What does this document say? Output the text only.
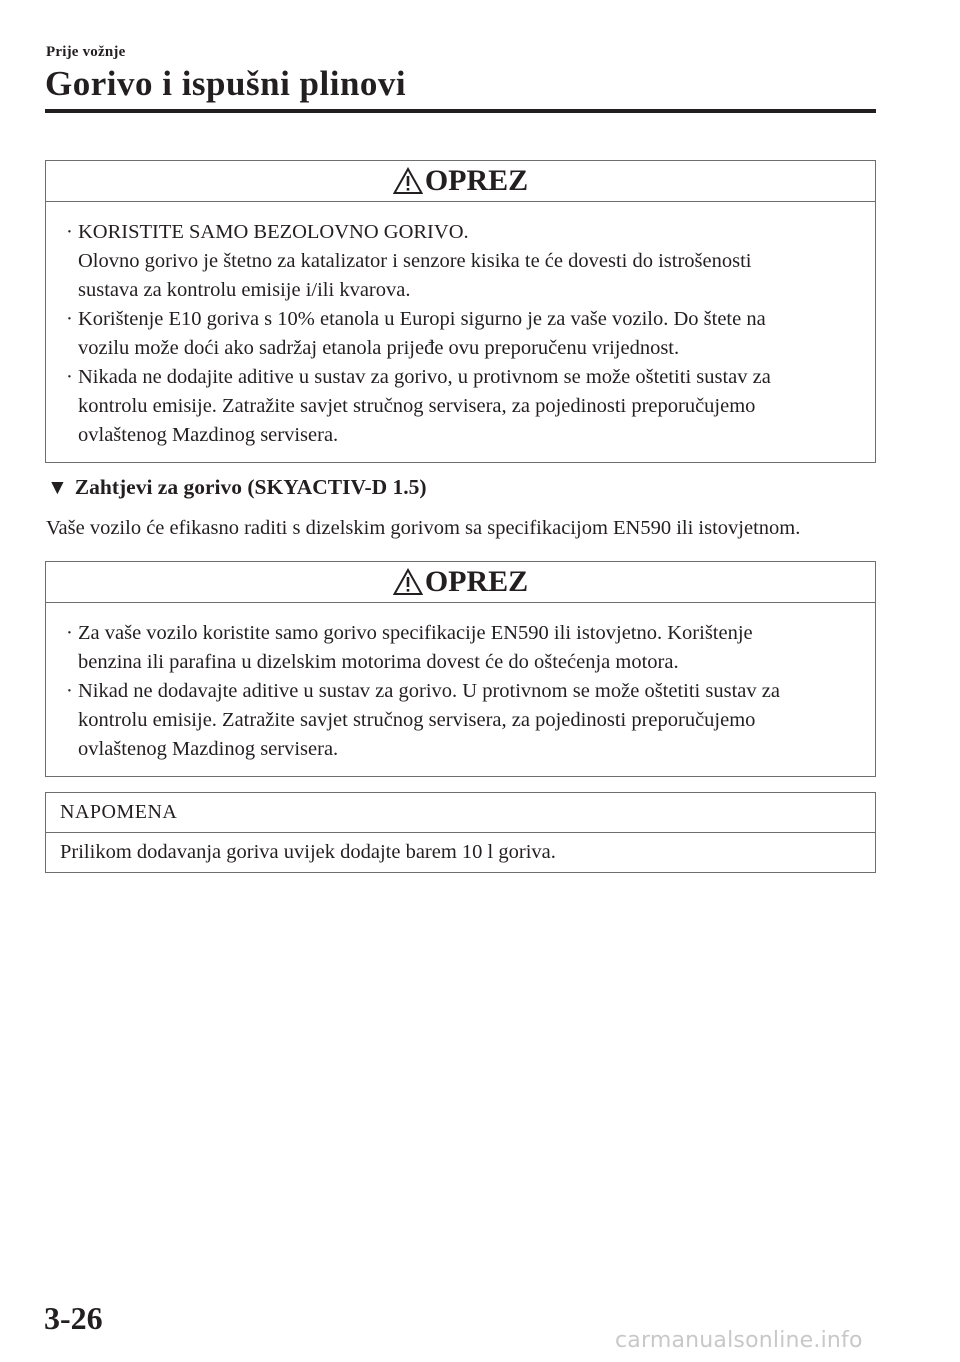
Prije vožnje
Gorivo i ispušni plinovi
OPREZ
· KORISTITE SAMO BEZOLOVNO GORIVO.
Olovno gorivo je štetno za katalizator i senzore kisika te će dovesti do istrošenosti
sustava za kontrolu emisije i/ili kvarova.
· Korištenje E10 goriva s 10% etanola u Europi sigurno je za vaše vozilo. Do štete na
vozilu može doći ako sadržaj etanola prijeđe ovu preporučenu vrijednost.
· Nikada ne dodajite aditive u sustav za gorivo, u protivnom se može oštetiti sustav za
kontrolu emisije. Zatražite savjet stručnog servisera, za pojedinosti preporučujemo
ovlaštenog Mazdinog servisera.
▼ Zahtjevi za gorivo (SKYACTIV-D 1.5)
Vaše vozilo će efikasno raditi s dizelskim gorivom sa specifikacijom EN590 ili istovjetnom.
OPREZ
· Za vaše vozilo koristite samo gorivo specifikacije EN590 ili istovjetno. Korištenje
benzina ili parafina u dizelskim motorima dovest će do oštećenja motora.
· Nikad ne dodavajte aditive u sustav za gorivo. U protivnom se može oštetiti sustav za
kontrolu emisije. Zatražite savjet stručnog servisera, za pojedinosti preporučujemo
ovlaštenog Mazdinog servisera.
NAPOMENA
Prilikom dodavanja goriva uvijek dodajte barem 10 l goriva.
3-26
carmanualsonline.info
